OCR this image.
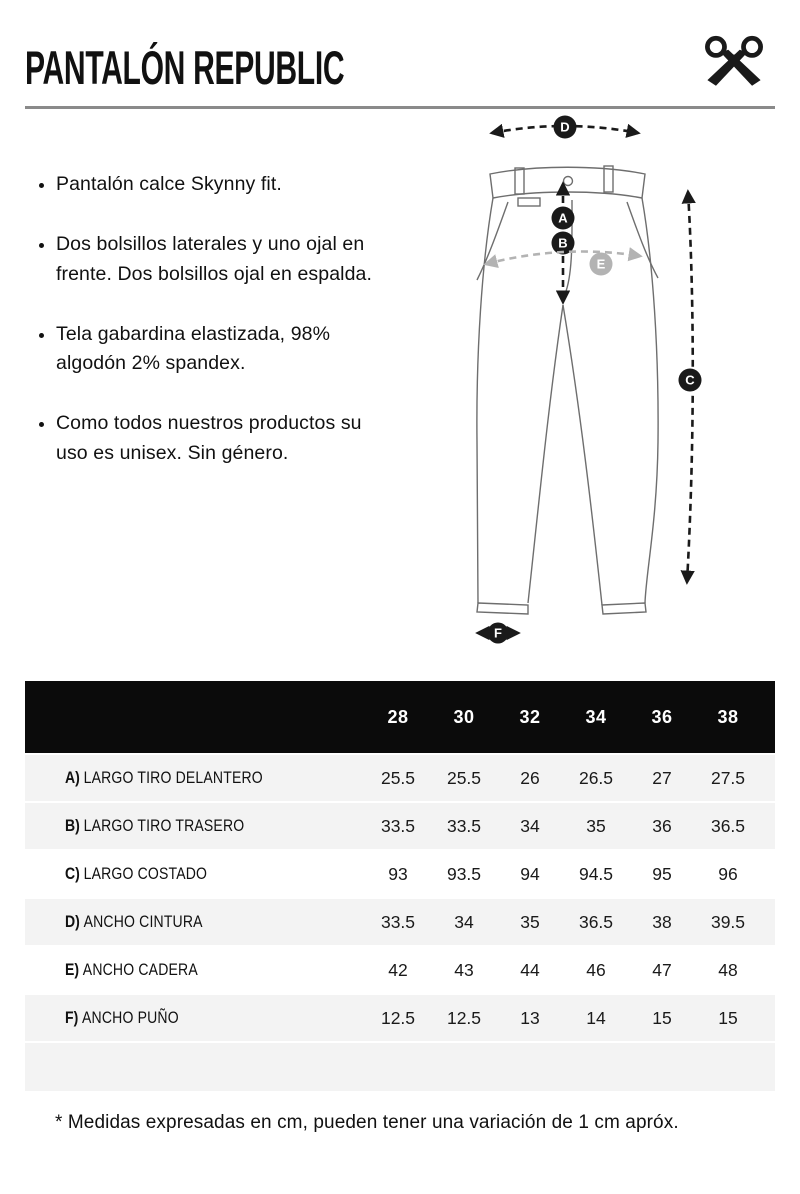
PANTALÓN REPUBLIC
• Pantalón calce Skynny fit.
• Dos bolsillos laterales y uno ojal en frente. Dos bolsillos ojal en espalda.
• Tela gabardina elastizada, 98% algodón 2% spandex.
• Como todos nuestros productos su uso es unisex. Sin género.
D
A
B
E
C
F
28	30	32	34	36	38
A) LARGO TIRO DELANTERO	25.5	25.5	26	26.5	27	27.5
B) LARGO TIRO TRASERO	33.5	33.5	34	35	36	36.5
C) LARGO COSTADO	93	93.5	94	94.5	95	96
D) ANCHO CINTURA	33.5	34	35	36.5	38	39.5
E) ANCHO CADERA	42	43	44	46	47	48
F) ANCHO PUÑO	12.5	12.5	13	14	15	15
* Medidas expresadas en cm, pueden tener una variación de 1 cm apróx.
